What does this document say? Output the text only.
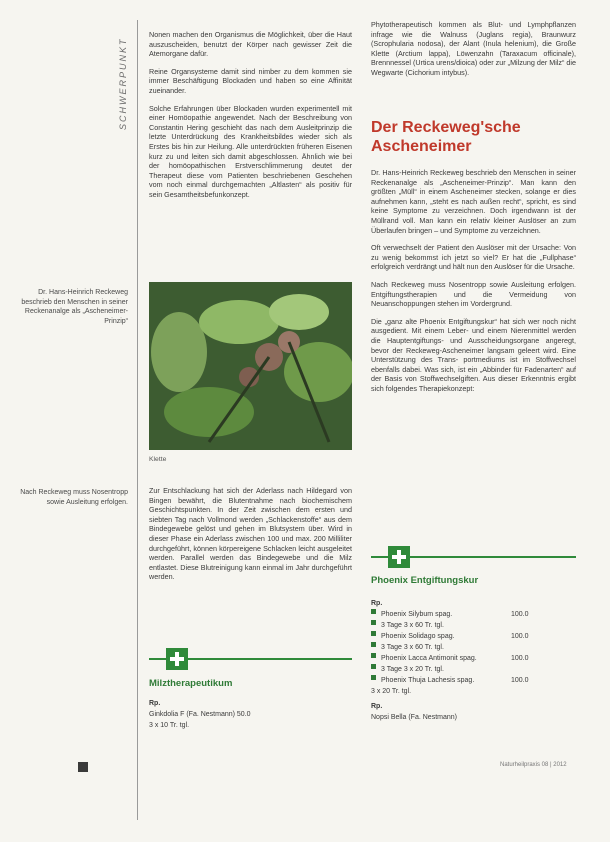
SCHWERPUNKT
Dr. Hans-Heinrich Reckeweg beschrieb den Menschen in seiner Reckenanalge als „Ascheneimer-Prinzip“
Nach Reckeweg muss Nosentropp sowie Ausleitung erfolgen.

Nonen machen den Organismus die Möglichkeit, über die Haut auszuscheiden, benutzt der Körper nach gewisser Zeit die Atemorgane dafür.

Reine Organsysteme damit sind nimber zu dem kommen sie immer Beschäftigung Blockaden und haben so eine Affinität zueinander.

Solche Erfahrungen über Blockaden wurden experimentell mit einer Homöopathie angewendet. Nach der Beschreibung von Constantin Hering geschieht das nach dem Ausleitprinzip die letzte Unterdrückung des Krankheitsbildes wieder sich als Erstes bis hin zur Heilung. Alle unterdrückten früheren Eisenen kurz zu und leiten sich damit abgeschlossen. Ähnlich wie bei der homöopathischen Erstverschlimmerung deutet der Therapeut diese vom Patienten beschriebenen Geschehen vom noch einmal durchgemachten „Altlasten“ als positiv für sein Gesamtheitsbefunkonzept.

Klette

Zur Entschlackung hat sich der Aderlass nach Hildegard von Bingen bewährt, die Blutentnahme nach biochemischem Geschichtspunkten. In der Zeit zwischen dem ersten und siebten Tag nach Vollmond werden „Schlackenstoffe“ aus dem Bindegewebe gelöst und gehen im Blutsystem über. Wird in dieser Phase ein Aderlass zwischen 100 und max. 200 Milliliter durchgeführt, können körpereigene Schlacken leicht ausgeleitet werden. Parallel werden das Bindegewebe und die Milz entlastet. Diese Blutreinigung kann einmal im Jahr durchgeführt werden.

Milztherapeutikum
Rp.
Ginkdolia F (Fa. Nestmann) 50.0
3 x 10 Tr. tgl.

Phytotherapeutisch kommen als Blut- und Lymphpflanzen infrage wie die Walnuss (Juglans regia), Braunwurz (Scrophularia nodosa), der Alant (Inula helenium), die Große Klette (Arctium lappa), Löwenzahn (Taraxacum officinale), Brennnessel (Urtica urens/dioica) oder zur „Milzung der Milz“ die Wegwarte (Cichorium intybus).

Der Reckeweg'sche Ascheneimer

Dr. Hans-Heinrich Reckeweg beschrieb den Menschen in seiner Reckenanalge als „Ascheneimer-Prinzip“. Man kann den größten „Müll“ in einem Ascheneimer stecken, solange er dies aufnehmen kann, „steht es nach außen recht“, spricht, es sind keine Symptome zu verzeichnen. Doch irgendwann ist der Müllrand voll. Man kann ein relativ kleiner Auslöser an zum Überlaufen bringen – und Symptome zu verzeichnen.

Oft verwechselt der Patient den Auslöser mit der Ursache: Von zu wenig bekommst ich jetzt so viel? Er hat die „Fullphase“ erfolgreich verdrängt und hält nun den Auslöser für die Ursache.

Nach Reckeweg muss Nosentropp sowie Ausleitung erfolgen. Entgiftungstherapien und die Vermeidung von Neuanschoppungen stehen im Vordergrund.

Die „ganz alte Phoenix Entgiftungskur“ hat sich wer noch nicht ausgedient. Mit einem Leber- und einem Nierenmittel werden die Hauptentgiftungs- und Ausscheidungsorgane angeregt, bevor der Reckeweg-Ascheneimer langsam geleert wird. Eine Unterstützung des Trans- portmediums ist im Stoffwechsel ebenfalls dabei. Was sich, ist ein „Abbinder für Fadenarten“ auf der Basis von Stoffwechselgiften. Aus dieser Erkenntnis ergibt sich folgendes Therapiekonzept:

Phoenix Entgiftungskur
Rp.
Phoenix Silybum spag.	100.0
3 Tage 3 x 60 Tr. tgl.
Phoenix Solidago spag.	100.0
3 Tage 3 x 60 Tr. tgl.
Phoenix Lacca Antimonit spag.	100.0
3 Tage 3 x 20 Tr. tgl.
Phoenix Thuja Lachesis spag.	100.0
3 x 20 Tr. tgl.
Rp.
Nopsi Bella (Fa. Nestmann)
Naturheilpraxis 08 | 2012
